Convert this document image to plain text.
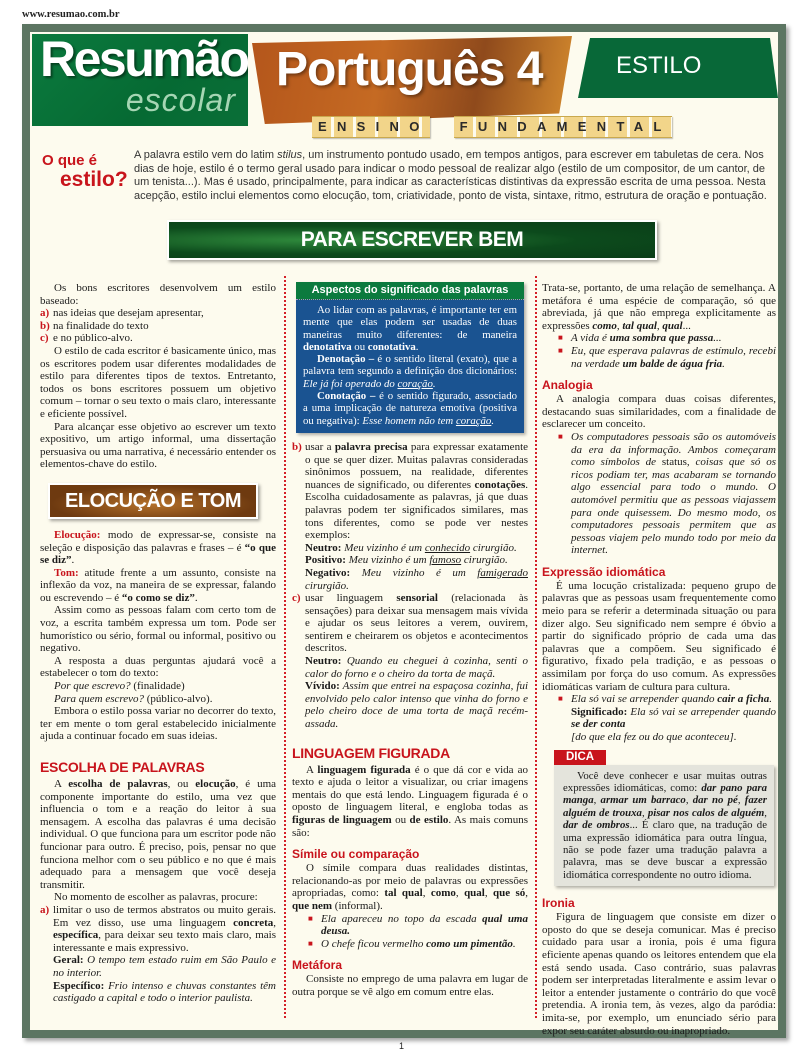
www.resumao.com.br
Resumão
escolar
ESTILO
Português 4
ENSINO	FUNDAMENTAL
O que é
estilo?
A palavra estilo vem do latim stilus, um instrumento pontudo usado, em tempos antigos, para escrever em tabuletas de cera. Nos dias de hoje, estilo é o termo geral usado para indicar o modo pessoal de realizar algo (estilo de um compositor, de um cantor, de um tenista...). Mas é usado, principalmente, para indicar as características distintivas da expressão escrita de uma pessoa. Nesta acepção, estilo inclui elementos como elocução, tom, criatividade, ponto de vista, sintaxe, ritmo, estrutura de oração e pontuação.
PARA ESCREVER BEM

Os bons escritores desenvolvem um estilo baseado:

a) nas ideias que desejam apresentar,
b) na finalidade do texto
c) e no público-alvo.

O estilo de cada escritor é basicamente único, mas os escritores podem usar diferentes modalidades de estilo para diferentes tipos de textos. Entretanto, todos os bons escritores possuem um objetivo comum – tornar o seu texto o mais claro, interessante e eficiente possível.

Para alcançar esse objetivo ao escrever um texto expositivo, um artigo informal, uma dissertação persuasiva ou uma narrativa, é necessário entender os elementos-chave do estilo.

ELOCUÇÃO E TOM

Elocução: modo de expressar-se, consiste na seleção e disposição das palavras e frases – é “o que se diz”.

Tom: atitude frente a um assunto, consiste na inflexão da voz, na maneira de se expressar, falando ou escrevendo – é “o como se diz”.

Assim como as pessoas falam com certo tom de voz, a escrita também expressa um tom. Pode ser humorístico ou sério, formal ou informal, positivo ou negativo.

A resposta a duas perguntas ajudará você a estabelecer o tom do texto:

Por que escrevo? (finalidade)

Para quem escrevo? (público-alvo).

Embora o estilo possa variar no decorrer do texto, ter em mente o tom geral estabelecido inicialmente ajuda a continuar focado em suas ideias.

ESCOLHA DE PALAVRAS

A escolha de palavras, ou elocução, é uma componente importante do estilo, uma vez que influencia o tom e a reação do leitor à sua mensagem. A escolha das palavras é uma decisão individual. O que funciona para um escritor pode não funcionar para outro. É preciso, pois, pensar no que funciona melhor com o seu público e no que é mais adequado para a mensagem que você deseja transmitir.

No momento de escolher as palavras, procure:

a) limitar o uso de termos abstratos ou muito gerais. Em vez disso, use uma linguagem concreta, específica, para deixar seu texto mais claro, mais interessante e mais expressivo.
Geral: O tempo tem estado ruim em São Paulo e no interior.
Específico: Frio intenso e chuvas constantes têm castigado a capital e todo o interior paulista.
Aspectos do significado das palavras

Ao lidar com as palavras, é importante ter em mente que elas podem ser usadas de duas maneiras muito diferentes: de maneira denotativa ou conotativa.

Denotação – é o sentido literal (exato), que a palavra tem segundo a definição dos dicionários: Ele já foi operado do coração.

Conotação – é o sentido figurado, associado a uma implicação de natureza emotiva (positiva ou negativa): Esse homem não tem coração.

b) usar a palavra precisa para expressar exatamente o que se quer dizer. Muitas palavras consideradas sinônimos possuem, na realidade, diferentes nuances de significado, ou diferentes conotações. Escolha cuidadosamente as palavras, já que duas palavras podem ter significados similares, mas tons diferentes, como se pode ver nestes exemplos:
Neutro: Meu vizinho é um conhecido cirurgião.
Positivo: Meu vizinho é um famoso cirurgião.
Negativo: Meu vizinho é um famigerado cirurgião.
c) usar linguagem sensorial (relacionada às sensações) para deixar sua mensagem mais vívida e ajudar os seus leitores a verem, ouvirem, sentirem e cheirarem os objetos e acontecimentos descritos.
Neutro: Quando eu cheguei à cozinha, senti o calor do forno e o cheiro da torta de maçã.
Vívido: Assim que entrei na espaçosa cozinha, fui envolvido pelo calor intenso que vinha do forno e pelo cheiro doce de uma torta de maçã recém-assada.
LINGUAGEM FIGURADA

A linguagem figurada é o que dá cor e vida ao texto e ajuda o leitor a visualizar, ou criar imagens mentais do que está lendo. Linguagem figurada é o oposto de linguagem literal, e engloba todas as figuras de linguagem ou de estilo. As mais comuns são:

Símile ou comparação

O símile compara duas realidades distintas, relacionando-as por meio de palavras ou expressões apropriadas, como: tal qual, como, qual, que só, que nem (informal).

■ Ela apareceu no topo da escada qual uma deusa.
■ O chefe ficou vermelho como um pimentão.
Metáfora

Consiste no emprego de uma palavra em lugar de outra porque se vê algo em comum entre elas.

Trata-se, portanto, de uma relação de semelhança. A metáfora é uma espécie de comparação, só que abreviada, já que não emprega explicitamente as expressões como, tal qual, qual...

■ A vida é uma sombra que passa...
■ Eu, que esperava palavras de estímulo, recebi na verdade um balde de água fria.
Analogia

A analogia compara duas coisas diferentes, destacando suas similaridades, com a finalidade de esclarecer um conceito.

■ Os computadores pessoais são os automóveis da era da informação. Ambos começaram como símbolos de status, coisas que só os ricos podiam ter, mas acabaram se tornando algo essencial para todo o mundo. O automóvel permitiu que as pessoas viajassem para onde quisessem. Do mesmo modo, os computadores pessoais permitem que as pessoas viajem pelo mundo todo por meio da internet.
Expressão idiomática

É uma locução cristalizada: pequeno grupo de palavras que as pessoas usam frequentemente como meio para se referir a determinada situação ou para dizer algo. Seu significado nem sempre é óbvio a partir do significado próprio de cada uma das palavras que a compõem. Seu significado é figurativo, fixado pela tradição, e as pessoas o assimilam por força do uso comum. As expressões idiomáticas variam de cultura para cultura.

■ Ela só vai se arrepender quando cair a ficha.
Significado: Ela só vai se arrepender quando se der conta
[do que ela fez ou do que aconteceu].
DICA

Você deve conhecer e usar muitas outras expressões idiomáticas, como: dar pano para manga, armar um barraco, dar no pé, fazer alguém de trouxa, pisar nos calos de alguém, dar de ombros... É claro que, na tradução de uma expressão idiomática para outra língua, não se pode fazer uma tradução palavra a palavra, mas se deve buscar a expressão idiomática correspondente no outro idioma.

Ironia

Figura de linguagem que consiste em dizer o oposto do que se deseja comunicar. Mas é preciso cuidado para usar a ironia, pois é uma figura eficiente apenas quando os leitores entendem que ela está sendo usada. Caso contrário, suas palavras podem ser interpretadas literalmente e assim levar o leitor a entender justamente o contrário do que você pretendia. A ironia tem, às vezes, algo da paródia: imita-se, por exemplo, um enunciado sério para expor seu caráter absurdo ou inapropriado.

1
